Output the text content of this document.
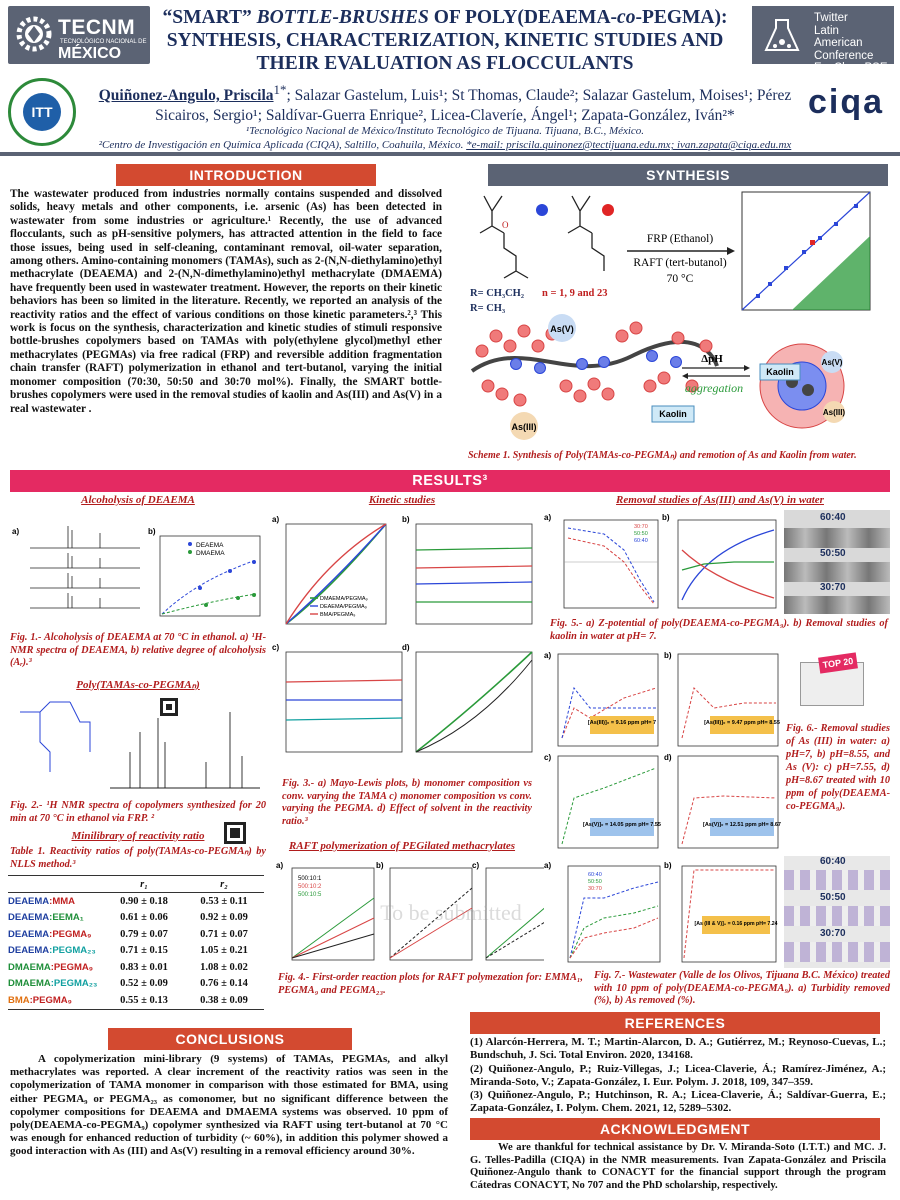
TECNM
TECNOLÓGICO NACIONAL DE
MÉXICO
ITT
“SMART” BOTTLE-BRUSHES OF POLY(DEAEMA-co-PEGMA):
SYNTHESIS, CHARACTERIZATION, KINETIC STUDIES AND
THEIR EVALUATION AS FLOCCULANTS
Quiñonez-Angulo, Priscila$^{1*}$; Salazar Gastelum, Luis¹; St Thomas, Claude²; Salazar Gastelum, Moises¹; Pérez Sicairos, Sergio¹; Saldívar-Guerra Enrique², Licea-Claveríe, Ángel¹; Zapata-González, Iván²*
¹Tecnológico Nacional de México/Instituto Tecnológico de Tijuana. Tijuana, B.C., México.
²Centro de Investigación en Química Aplicada (CIQA), Saltillo, Coahuila, México. *e-mail: priscila.quinonez@tectijuana.edu.mx; ivan.zapata@ciqa.edu.mx
Twitter
Latin
American
Conference
EnvChemPSE
ciqa
INTRODUCTION
The wastewater produced from industries normally contains suspended and dissolved solids, heavy metals and other components, i.e. arsenic (As) has been detected in wastewater from some industries or agriculture.¹ Recently, the use of advanced flocculants, such as pH-sensitive polymers, has attracted attention in the field to face those issues, being used in self-cleaning, contaminant removal, oil-water separation, among others. Amino-containing monomers (TAMAs), such as 2-(N,N-diethylamino)ethyl methacrylate (DEAEMA) and 2-(N,N-dimethylamino)ethyl methacrylate (DMAEMA) have frequently been used in wastewater treatment. However, the reports on their kinetic behaviors has been so limited in the literature. Recently, we reported an analysis of the reactivity ratios and the effect of various conditions on those kinetic parameters.²,³ This work is focus on the synthesis, characterization and kinetic studies of stimuli responsive bottle-brushes copolymers based on TAMAs with poly(ethylene glycol)methyl ether methacrylates (PEGMAs) via free radical (FRP) and reversible addition fragmentation chain transfer (RAFT) polymerization in ethanol and tert-butanol, varying the initial monomer composition (70:30, 50:50 and 30:70 mol%). Finally, the SMART bottle-brushes copolymers were used in the removal studies of kaolin and As(III) and As(V) in a real wastewater .
SYNTHESIS
O
R= CH₃CH₂
R= CH₃
n = 1, 9 and 23
FRP (Ethanol)
RAFT (tert-butanol)
70 °C
As(V)
As(III)
Kaolin
ΔpH
aggregation
Kaolin
As(V)
As(III)
Scheme 1. Synthesis of Poly(TAMAs-co-PEGMAₙ) and remotion of As and Kaolin from water.
RESULTS³
Alcoholysis of DEAEMA
a)	b)
DEAEMA
DMAEMA
Fig. 1.- Alcoholysis of DEAEMA at 70 °C in ethanol. a) ¹H-NMR spectra of DEAEMA, b) relative degree of alcoholysis (Aᵣ).³
Poly(TAMAs-co-PEGMAₙ)
Fig. 2.- ¹H NMR spectra of copolymers synthesized for 20 min at 70 °C in ethanol via FRP. ²
Minilibrary of reactivity ratio
Table 1. Reactivity ratios of poly(TAMAs-co-PEGMAₙ) by NLLS method.³
r₁	r₂
DEAEMA:MMA	0.90 ± 0.18	0.53 ± 0.11
DEAEMA:EEMA₁	0.61 ± 0.06	0.92 ± 0.09
DEAEMA:PEGMA₉	0.79 ± 0.07	0.71 ± 0.07
DEAEMA:PEGMA₂₃	0.71 ± 0.15	1.05 ± 0.21
DMAEMA:PEGMA₉	0.83 ± 0.01	1.08 ± 0.02
DMAEMA:PEGMA₂₃	0.52 ± 0.09	0.76 ± 0.14
BMA:PEGMA₉	0.55 ± 0.13	0.38 ± 0.09
Kinetic studies
a)
DMAEMA/PEGMA₉
DEAEMA/PEGMA₉
BMA/PEGMA₉
b)
c)	d)
Fig. 3.- a) Mayo-Lewis plots, b) monomer composition vs conv. varying the TAMA c) monomer composition vs conv. varying the PEGMA. d) Effect of solvent in the reactivity ratio.³
RAFT polymerization of PEGilated methacrylates
a)
500:10:1
500:10:2
500:10:5
b)	c)
To be submitted
Fig. 4.- First-order reaction plots for RAFT polymezation for: EMMA₁, PEGMA₉ and PEGMA₂₃.
Removal studies of As(III) and As(V) in water
a)
30:70
50:50
60:40
b)	60:40
50:50
30:70
Fig. 5.- a) Z-potential of poly(DEAEMA-co-PEGMA₉). b) Removal studies of kaolin in water at pH= 7.
a)	b)
c)	d)
[As(III)]₀ = 9.16 ppm pH= 7	[As(III)]₀ = 9.47 ppm pH= 8.55
[As(V)]₀ = 14.05 ppm pH= 7.55	[As(V)]₀ = 12.51 ppm pH= 8.67
TOP 20
Fig. 6.- Removal studies of As (III) in water: a) pH=7, b) pH=8.55, and As (V): c) pH=7.55, d) pH=8.67 treated with 10 ppm of poly(DEAEMA-co-PEGMA₉).
a)
60:40
50:50
30:70
b)
[As (III & V)]₀ = 0.16 ppm pH= 7.24
60:40
50:50
30:70
Fig. 7.- Wastewater (Valle de los Olivos, Tijuana B.C. México) treated with 10 ppm of poly(DEAEMA-co-PEGMA₉). a) Turbidity removed (%), b) As removed (%).
CONCLUSIONS
A copolymerization mini-library (9 systems) of TAMAs, PEGMAs, and alkyl methacrylates was reported. A clear increment of the reactivity ratios was seen in the copolymerization of TAMA monomer in comparison with those estimated for BMA, using either PEGMA₉ or PEGMA₂₃ as comonomer, but no significant difference between the copolymer compositions for DEAEMA and DMAEMA systems was observed. 10 ppm of poly(DEAEMA-co-PEGMA₉) copolymer synthesized via RAFT using tert-butanol at 70 °C was enough for enhanced reduction of turbidity (~ 60%), in addition this polymer showed a good interaction with As (III) and As(V) resulting in a removal efficiency around 30%.
REFERENCES
(1) Alarcón-Herrera, M. T.; Martin-Alarcon, D. A.; Gutiérrez, M.; Reynoso-Cuevas, L.; Bundschuh, J. Sci. Total Environ. 2020, 134168.
(2) Quiñonez-Angulo, P.; Ruiz-Villegas, J.; Licea-Claverie, Á.; Ramírez-Jiménez, A.; Miranda-Soto, V.; Zapata-González, I. Eur. Polym. J. 2018, 109, 347–359.
(3) Quiñonez-Angulo, P.; Hutchinson, R. A.; Licea-Claverie, Á.; Saldívar-Guerra, E.; Zapata-González, I. Polym. Chem. 2021, 12, 5289–5302.
ACKNOWLEDGMENT
We are thankful for technical assistance by Dr. V. Miranda-Soto (I.T.T.) and MC. J. G. Telles-Padilla (CIQA) in the NMR measurements. Ivan Zapata-González and Priscila Quiñonez-Angulo thank to CONACYT for the financial support through the program Cátedras CONACYT, No 707 and the PhD scholarship, respectively.
